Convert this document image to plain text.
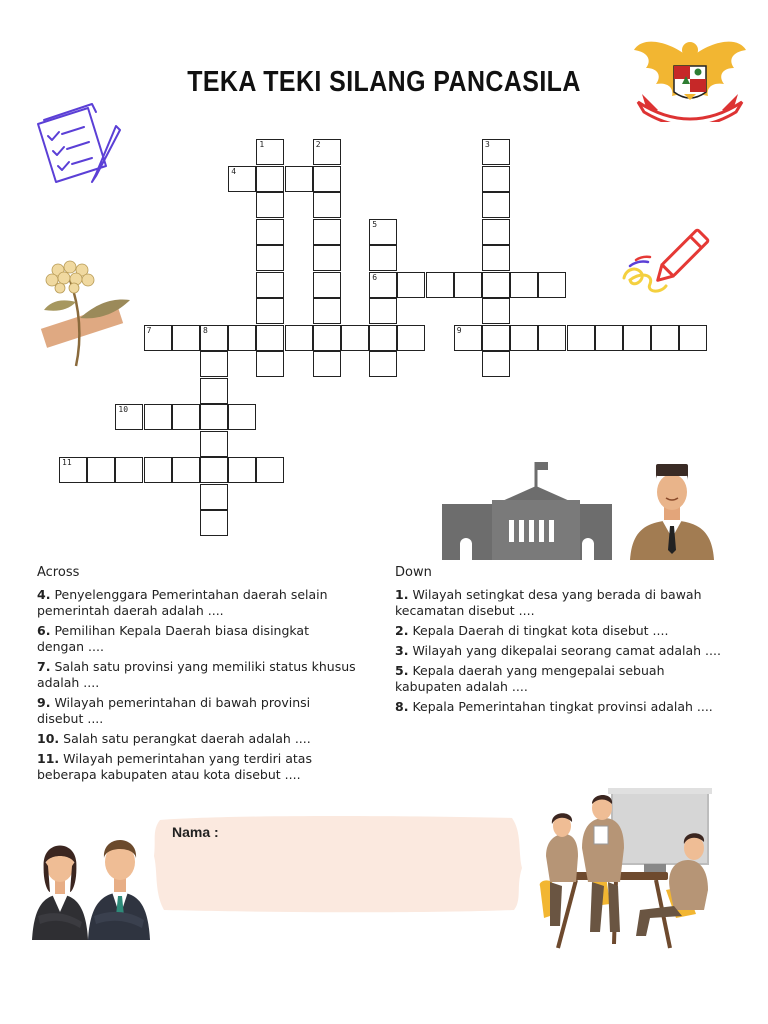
TEKA TEKI SILANG PANCASILA
1	2	3
4
5
6
7	8	9
10
11
Across
4. Penyelenggara Pemerintahan daerah selain pemerintah daerah adalah ....
6. Pemilihan Kepala Daerah biasa disingkat dengan ....
7. Salah satu provinsi yang memiliki status khusus adalah ....
9. Wilayah pemerintahan di bawah provinsi disebut ....
10. Salah satu perangkat daerah adalah ....
11. Wilayah pemerintahan yang terdiri atas beberapa kabupaten atau kota disebut ....
Down
1. Wilayah setingkat desa yang berada di bawah kecamatan disebut ....
2. Kepala Daerah di tingkat kota disebut ....
3. Wilayah yang dikepalai seorang camat adalah ....
5. Kepala daerah yang mengepalai sebuah kabupaten adalah ....
8. Kepala Pemerintahan tingkat provinsi adalah ....
Nama :
